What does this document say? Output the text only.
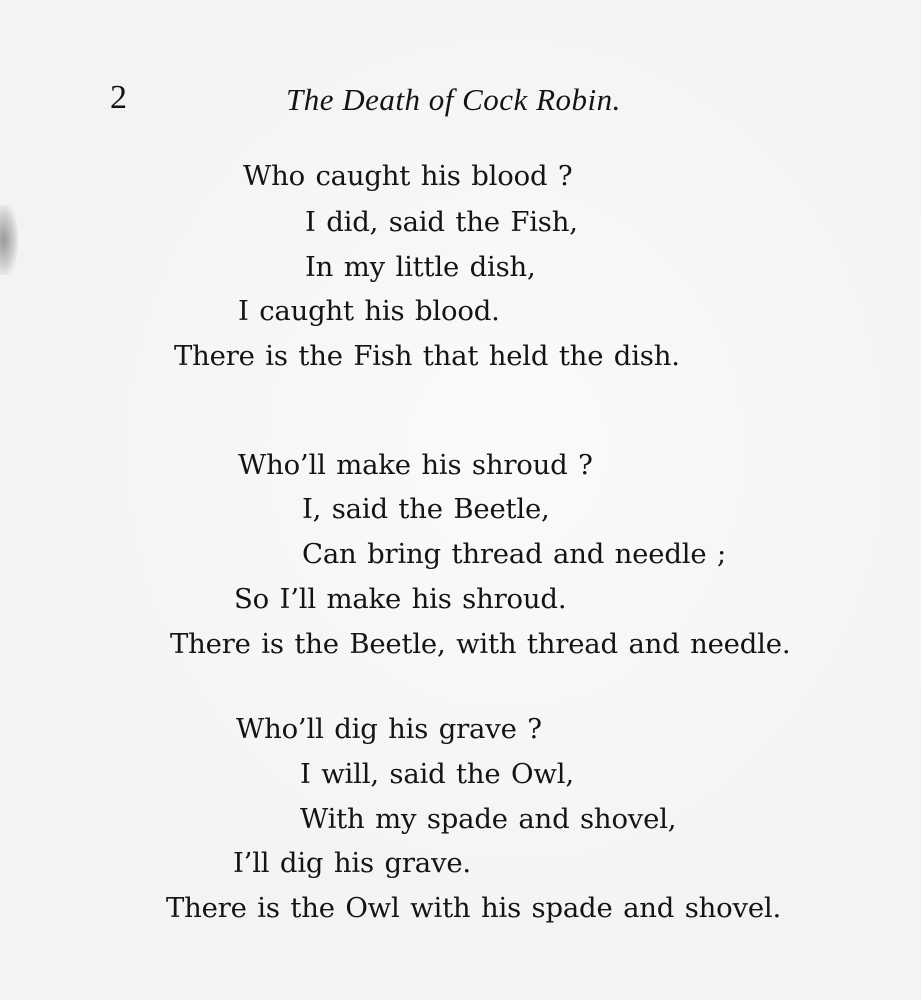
2	The Death of Cock Robin.
Who caught his blood ?
I did, said the Fish,
In my little dish,
I caught his blood.
There is the Fish that held the dish.
Who’ll make his shroud ?
I, said the Beetle,
Can bring thread and needle ;
So I’ll make his shroud.
There is the Beetle, with thread and needle.
Who’ll dig his grave ?
I will, said the Owl,
With my spade and shovel,
I’ll dig his grave.
There is the Owl with his spade and shovel.
